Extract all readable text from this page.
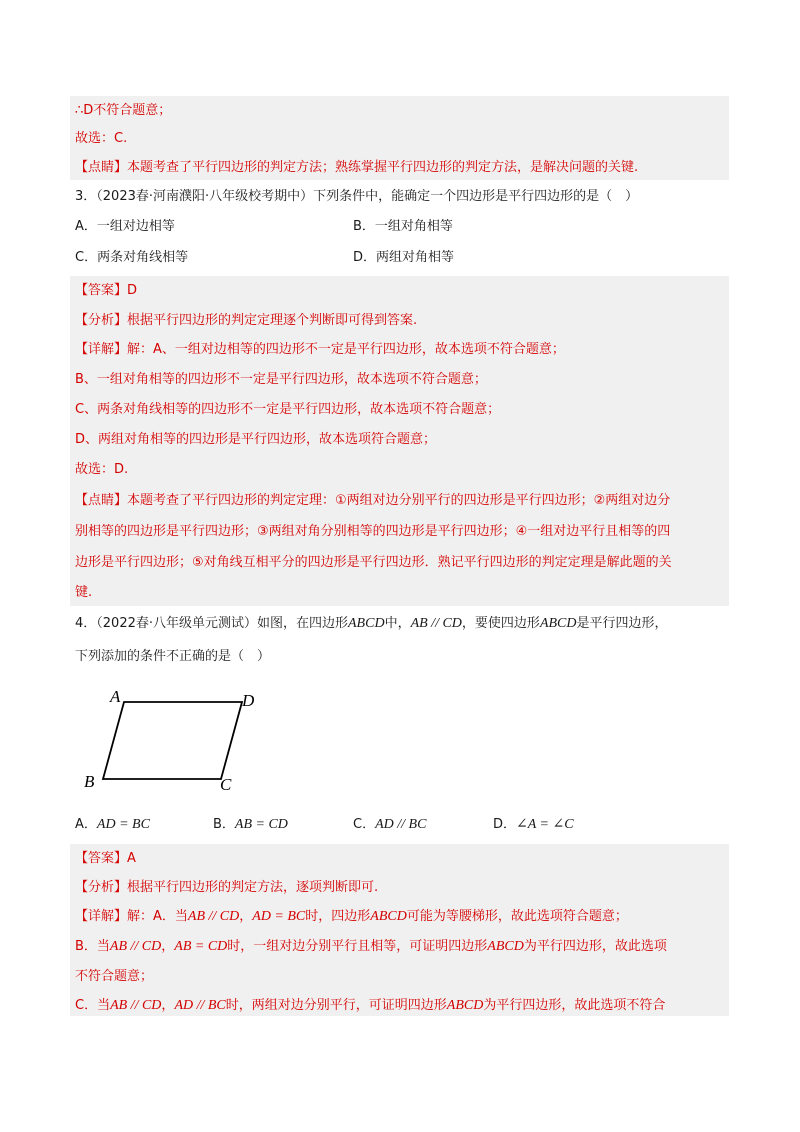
∴D不符合题意；
故选：C.
【点睛】本题考查了平行四边形的判定方法；熟练掌握平行四边形的判定方法，是解决问题的关键.
3．（2023春·河南濮阳·八年级校考期中）下列条件中，能确定一个四边形是平行四边形的是（　）
A．一组对边相等	B．一组对角相等
C．两条对角线相等	D．两组对角相等
【答案】D
【分析】根据平行四边形的判定定理逐个判断即可得到答案.
【详解】解：A、一组对边相等的四边形不一定是平行四边形，故本选项不符合题意；
B、一组对角相等的四边形不一定是平行四边形，故本选项不符合题意；
C、两条对角线相等的四边形不一定是平行四边形，故本选项不符合题意；
D、两组对角相等的四边形是平行四边形，故本选项符合题意；
故选：D.
【点睛】本题考查了平行四边形的判定定理：①两组对边分别平行的四边形是平行四边形；②两组对边分
别相等的四边形是平行四边形；③两组对角分别相等的四边形是平行四边形；④一组对边平行且相等的四
边形是平行四边形；⑤对角线互相平分的四边形是平行四边形．熟记平行四边形的判定定理是解此题的关
键.
4．（2022春·八年级单元测试）如图，在四边形ABCD中，AB // CD，要使四边形ABCD是平行四边形，
下列添加的条件不正确的是（　）
A	D
B	C
A．AD = BC	B．AB = CD	C．AD // BC	D．∠A = ∠C
【答案】A
【分析】根据平行四边形的判定方法，逐项判断即可.
【详解】解：A．当AB // CD，AD = BC时，四边形ABCD可能为等腰梯形，故此选项符合题意；
B．当AB // CD，AB = CD时，一组对边分别平行且相等，可证明四边形ABCD为平行四边形，故此选项
不符合题意；
C．当AB // CD，AD // BC时，两组对边分别平行，可证明四边形ABCD为平行四边形，故此选项不符合
